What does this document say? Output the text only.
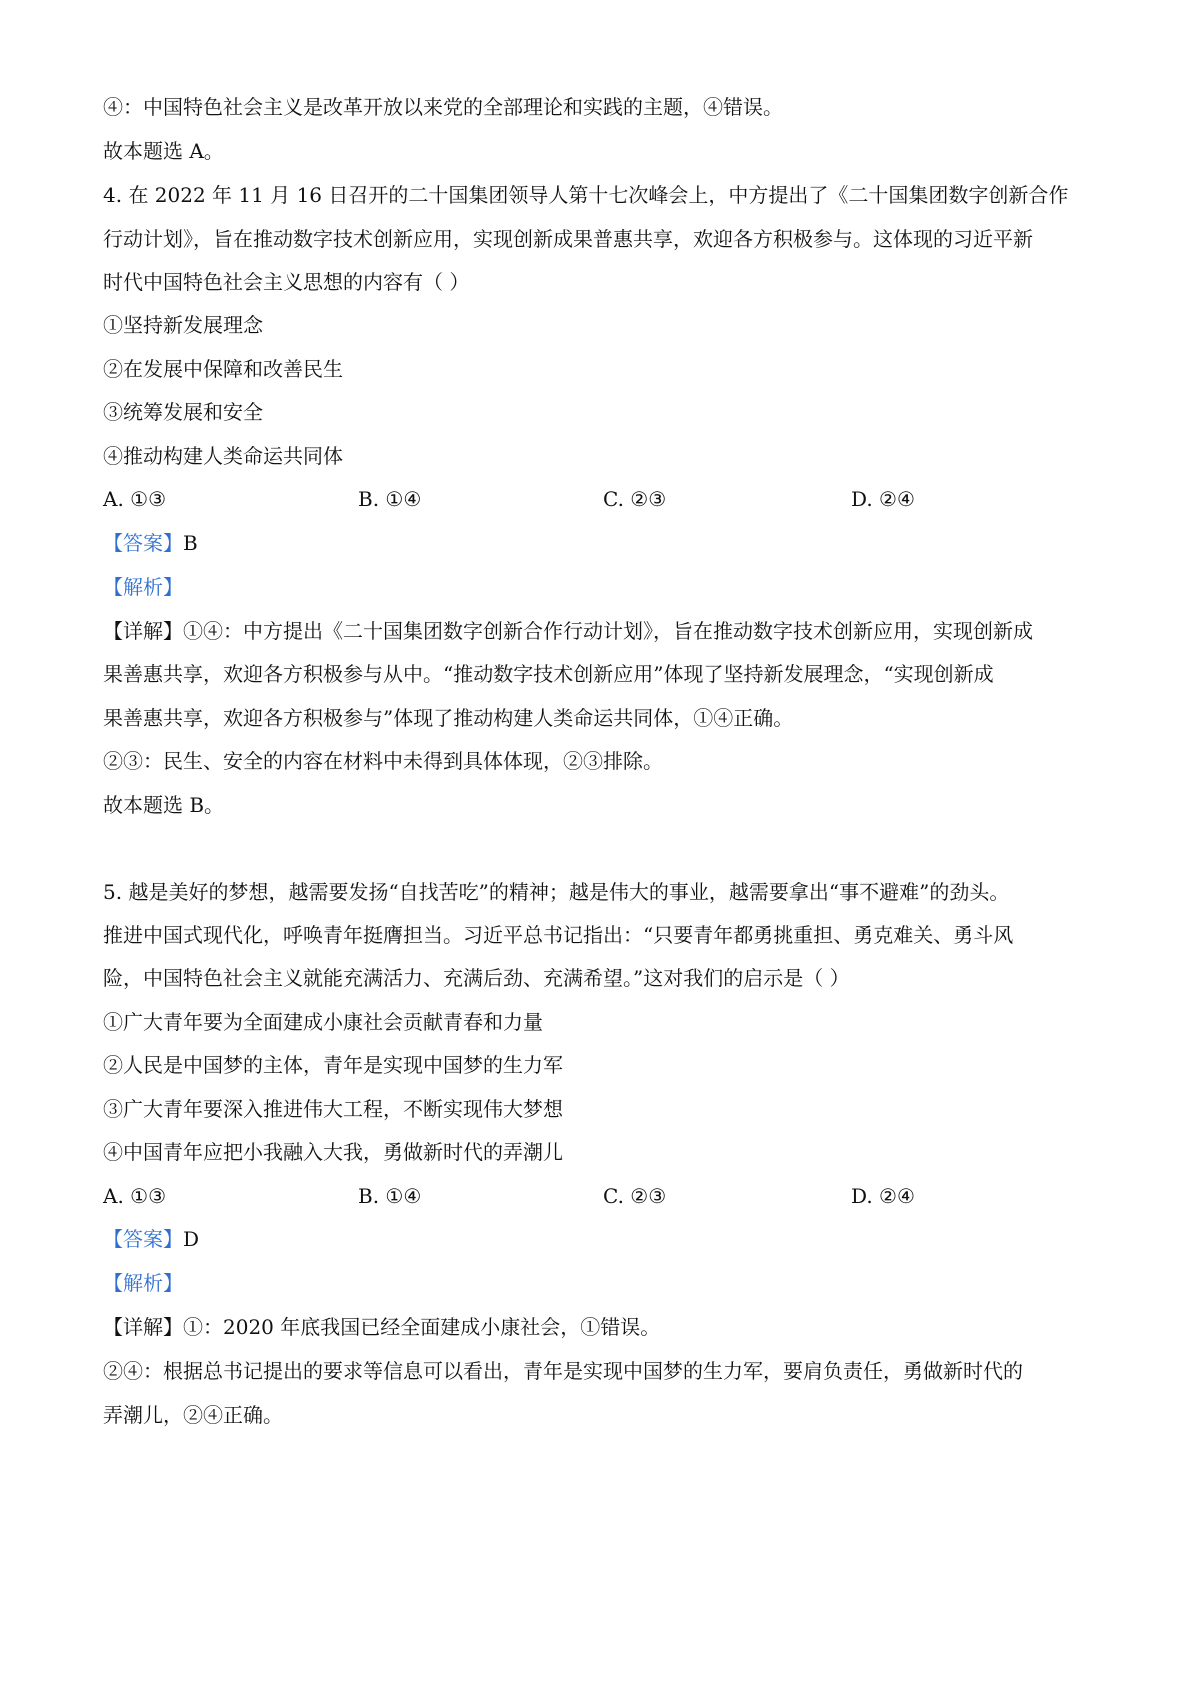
④：中国特色社会主义是改革开放以来党的全部理论和实践的主题，④错误。
故本题选 A。
4. 在 2022 年 11 月 16 日召开的二十国集团领导人第十七次峰会上，中方提出了《二十国集团数字创新合作
行动计划》，旨在推动数字技术创新应用，实现创新成果普惠共享，欢迎各方积极参与。这体现的习近平新
时代中国特色社会主义思想的内容有（ ）
①坚持新发展理念
②在发展中保障和改善民生
③统筹发展和安全
④推动构建人类命运共同体
A. ①③	B. ①④	C. ②③	D. ②④
【答案】B
【解析】
【详解】①④：中方提出《二十国集团数字创新合作行动计划》，旨在推动数字技术创新应用，实现创新成
果善惠共享，欢迎各方积极参与从中。“推动数字技术创新应用”体现了坚持新发展理念，“实现创新成
果善惠共享，欢迎各方积极参与”体现了推动构建人类命运共同体，①④正确。
②③：民生、安全的内容在材料中未得到具体体现，②③排除。
故本题选 B。
5. 越是美好的梦想，越需要发扬“自找苦吃”的精神；越是伟大的事业，越需要拿出“事不避难”的劲头。
推进中国式现代化，呼唤青年挺膺担当。习近平总书记指出：“只要青年都勇挑重担、勇克难关、勇斗风
险，中国特色社会主义就能充满活力、充满后劲、充满希望。”这对我们的启示是（ ）
①广大青年要为全面建成小康社会贡献青春和力量
②人民是中国梦的主体，青年是实现中国梦的生力军
③广大青年要深入推进伟大工程，不断实现伟大梦想
④中国青年应把小我融入大我，勇做新时代的弄潮儿
A. ①③	B. ①④	C. ②③	D. ②④
【答案】D
【解析】
【详解】①：2020 年底我国已经全面建成小康社会，①错误。
②④：根据总书记提出的要求等信息可以看出，青年是实现中国梦的生力军，要肩负责任，勇做新时代的
弄潮儿，②④正确。
